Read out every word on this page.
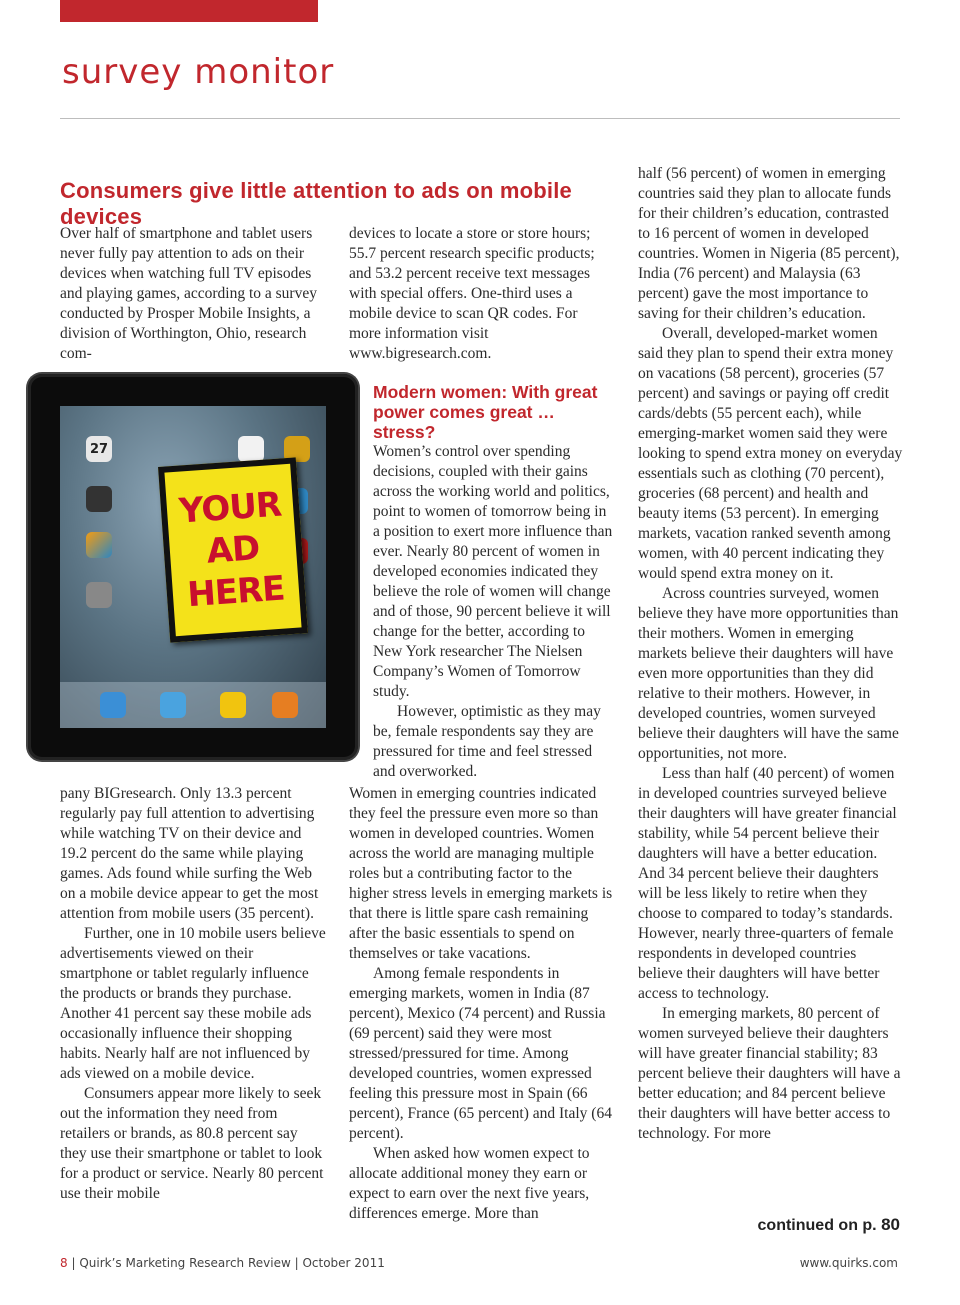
survey monitor
Consumers give little attention to ads on mobile devices

Over half of smartphone and tablet users never fully pay attention to ads on their devices when watching full TV episodes and playing games, according to a survey conducted by Prosper Mobile Insights, a division of Worthington, Ohio, research com-

devices to locate a store or store hours; 55.7 percent research specific products; and 53.2 percent receive text messages with special offers. One-third uses a mobile device to scan QR codes. For more information visit www.bigresearch.com.

27
YOUR
AD
HERE
Modern women: With great power comes great … stress?

Women’s control over spending decisions, coupled with their gains across the working world and politics, point to women of tomorrow being in a position to exert more influence than ever. Nearly 80 percent of women in developed economies indicated they believe the role of women will change and of those, 90 percent believe it will change for the better, according to New York researcher The Nielsen Company’s Women of Tomorrow study.

However, optimistic as they may be, female respondents say they are pressured for time and feel stressed and overworked.

pany BIGresearch. Only 13.3 percent regularly pay full attention to advertising while watching TV on their device and 19.2 percent do the same while playing games. Ads found while surfing the Web on a mobile device appear to get the most attention from mobile users (35 percent).

Further, one in 10 mobile users believe advertisements viewed on their smartphone or tablet regularly influence the products or brands they purchase. Another 41 percent say these mobile ads occasionally influence their shopping habits. Nearly half are not influenced by ads viewed on a mobile device.

Consumers appear more likely to seek out the information they need from retailers or brands, as 80.8 percent say they use their smartphone or tablet to look for a product or service. Nearly 80 percent use their mobile

Women in emerging countries indicated they feel the pressure even more so than women in developed countries. Women across the world are managing multiple roles but a contributing factor to the higher stress levels in emerging markets is that there is little spare cash remaining after the basic essentials to spend on themselves or take vacations.

Among female respondents in emerging markets, women in India (87 percent), Mexico (74 percent) and Russia (69 percent) said they were most stressed/pressured for time. Among developed countries, women expressed feeling this pressure most in Spain (66 percent), France (65 percent) and Italy (64 percent).

When asked how women expect to allocate additional money they earn or expect to earn over the next five years, differences emerge. More than

half (56 percent) of women in emerging countries said they plan to allocate funds for their children’s education, contrasted to 16 percent of women in developed countries. Women in Nigeria (85 percent), India (76 percent) and Malaysia (63 percent) gave the most importance to saving for their children’s education.

Overall, developed-market women said they plan to spend their extra money on vacations (58 percent), groceries (57 percent) and savings or paying off credit cards/debts (55 percent each), while emerging-market women said they were looking to spend extra money on everyday essentials such as clothing (70 percent), groceries (68 percent) and health and beauty items (53 percent). In emerging markets, vacation ranked seventh among women, with 40 percent indicating they would spend extra money on it.

Across countries surveyed, women believe they have more opportunities than their mothers. Women in emerging markets believe their daughters will have even more opportunities than they did relative to their mothers. However, in developed countries, women surveyed believe their daughters will have the same opportunities, not more.

Less than half (40 percent) of women in developed countries surveyed believe their daughters will have greater financial stability, while 54 percent believe their daughters will have a better education. And 34 percent believe their daughters will be less likely to retire when they choose to compared to today’s standards. However, nearly three-quarters of female respondents in developed countries believe their daughters will have better access to technology.

In emerging markets, 80 percent of women surveyed believe their daughters will have greater financial stability; 83 percent believe their daughters will have a better education; and 84 percent believe their daughters will have better access to technology. For more

continued on p. 80
8 | Quirk’s Marketing Research Review | October 2011	www.quirks.com
